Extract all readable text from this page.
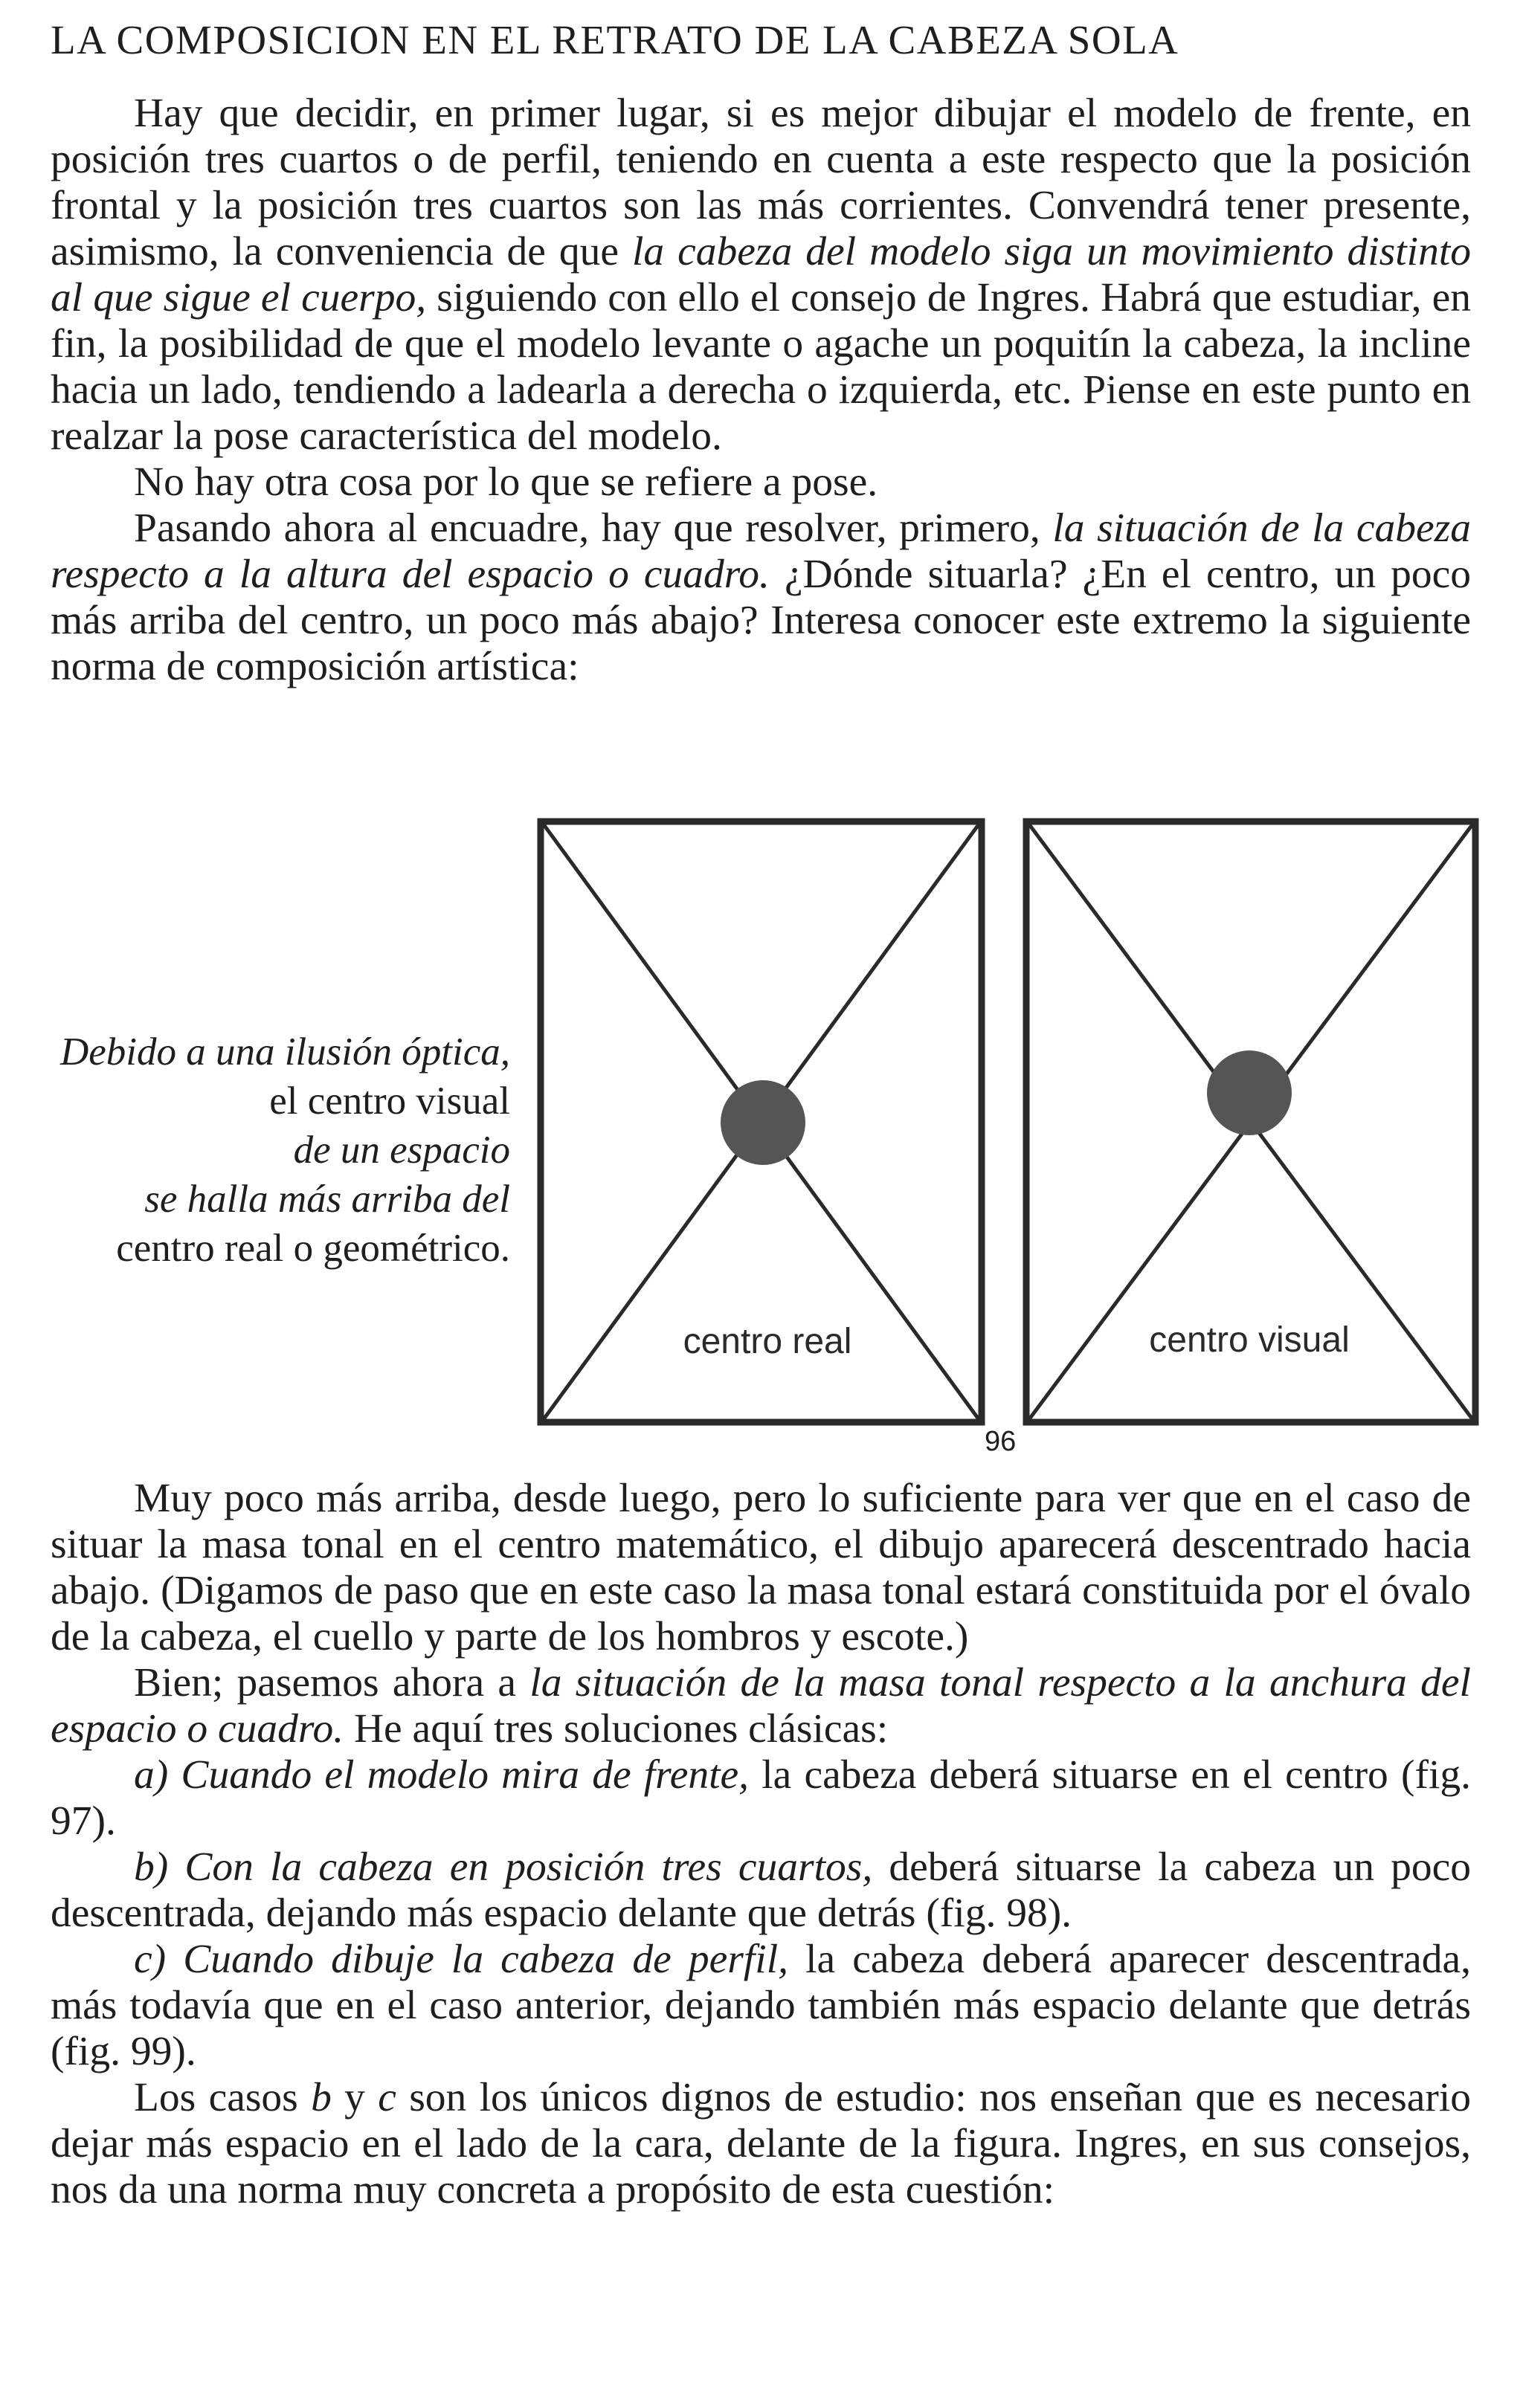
LA COMPOSICION EN EL RETRATO DE LA CABEZA SOLA

Hay que decidir, en primer lugar, si es mejor dibujar el modelo de frente, en posición tres cuartos o de perfil, teniendo en cuenta a este respecto que la posición frontal y la posición tres cuartos son las más corrientes. Convendrá tener presente, asimismo, la conveniencia de que la cabeza del modelo siga un movimiento distinto al que sigue el cuerpo, siguiendo con ello el consejo de Ingres. Habrá que estudiar, en fin, la posibilidad de que el modelo levante o agache un poquitín la cabeza, la incline hacia un lado, tendiendo a ladearla a derecha o izquierda, etc. Piense en este punto en realzar la pose característica del modelo.

No hay otra cosa por lo que se refiere a pose.

Pasando ahora al encuadre, hay que resolver, primero, la situación de la cabeza respecto a la altura del espacio o cuadro. ¿Dónde situarla? ¿En el centro, un poco más arriba del centro, un poco más abajo? Interesa conocer este extremo la siguiente norma de composición artística:

Debido a una ilusión óptica,
el centro visual
de un espacio
se halla más arriba del
centro real o geométrico.
centro real	centro visual
96

Muy poco más arriba, desde luego, pero lo suficiente para ver que en el caso de situar la masa tonal en el centro matemático, el dibujo aparecerá descentrado hacia abajo. (Digamos de paso que en este caso la masa tonal estará constituida por el óvalo de la cabeza, el cuello y parte de los hombros y escote.)

Bien; pasemos ahora a la situación de la masa tonal respecto a la anchura del espacio o cuadro. He aquí tres soluciones clásicas:

a) Cuando el modelo mira de frente, la cabeza deberá situarse en el centro (fig. 97).

b) Con la cabeza en posición tres cuartos, deberá situarse la cabeza un poco descentrada, dejando más espacio delante que detrás (fig. 98).

c) Cuando dibuje la cabeza de perfil, la cabeza deberá aparecer descentrada, más todavía que en el caso anterior, dejando también más espacio delante que detrás (fig. 99).

Los casos b y c son los únicos dignos de estudio: nos enseñan que es necesario dejar más espacio en el lado de la cara, delante de la figura. Ingres, en sus consejos, nos da una norma muy concreta a propósito de esta cuestión:
